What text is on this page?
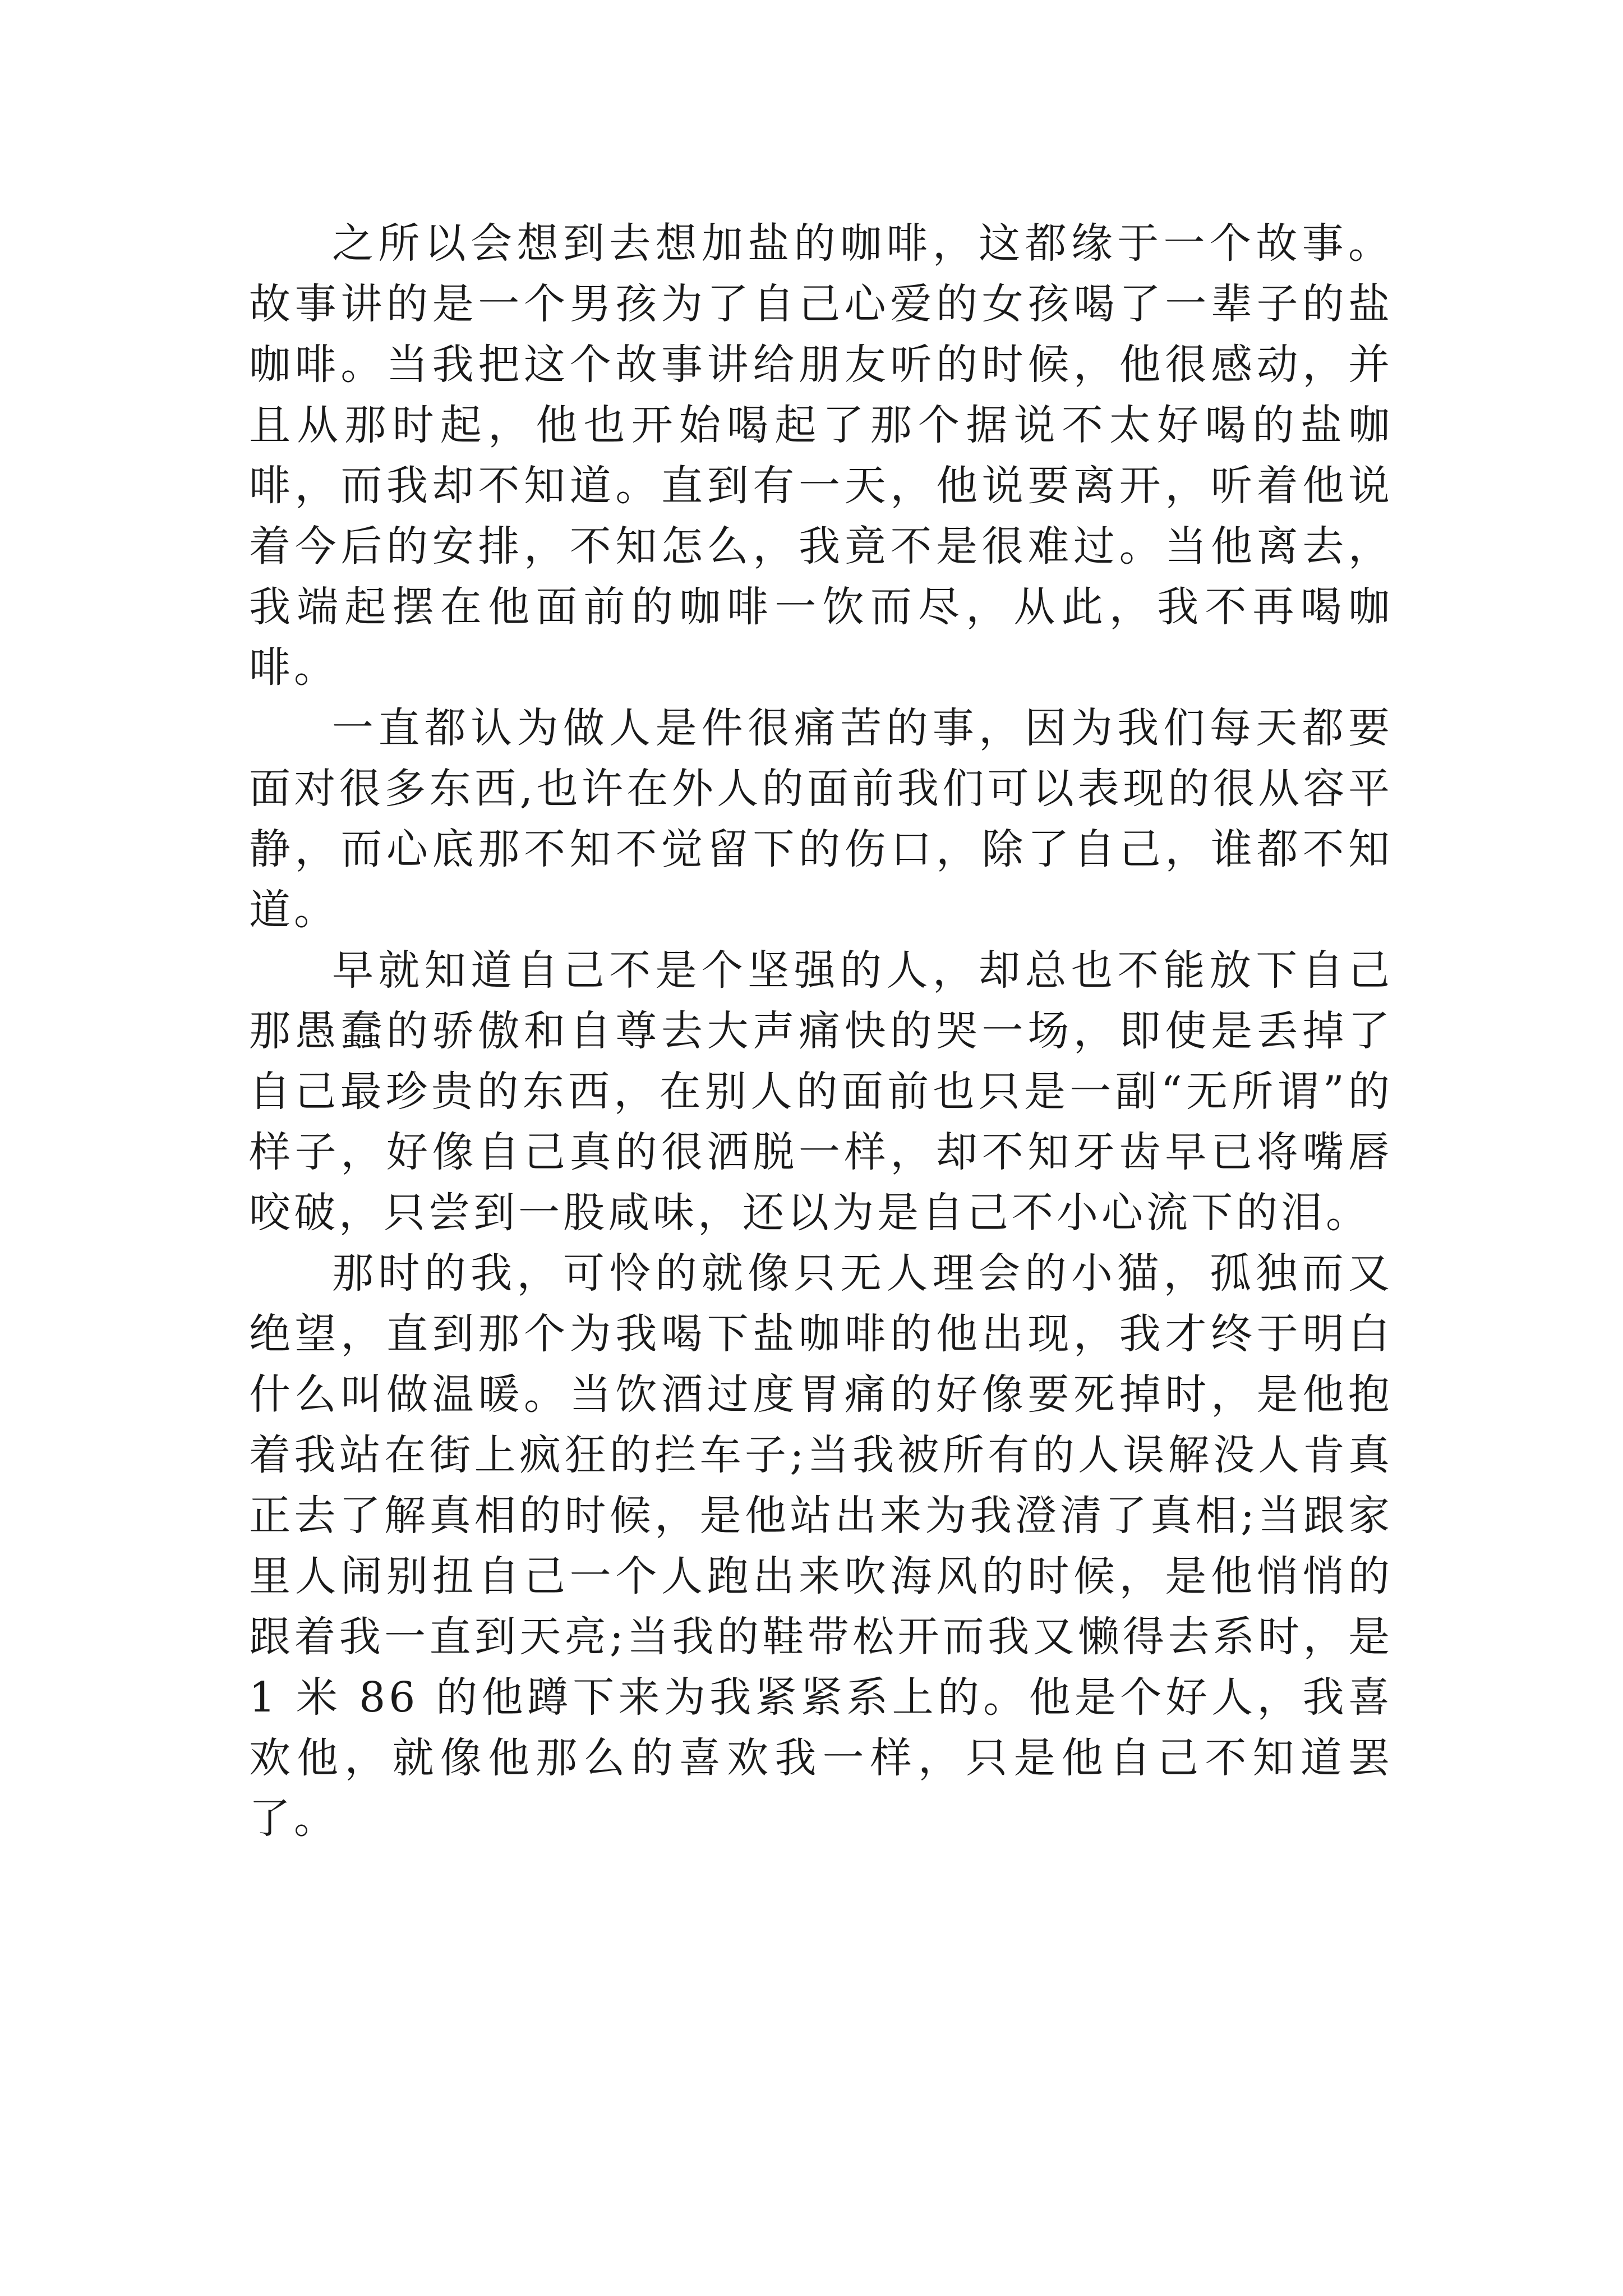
之所以会想到去想加盐的咖啡，这都缘于一个故事。故事讲的是一个男孩为了自己心爱的女孩喝了一辈子的盐咖啡。当我把这个故事讲给朋友听的时候，他很感动，并且从那时起，他也开始喝起了那个据说不太好喝的盐咖啡，而我却不知道。直到有一天，他说要离开，听着他说着今后的安排，不知怎么，我竟不是很难过。当他离去，我端起摆在他面前的咖啡一饮而尽，从此，我不再喝咖啡。

一直都认为做人是件很痛苦的事，因为我们每天都要面对很多东西,也许在外人的面前我们可以表现的很从容平静，而心底那不知不觉留下的伤口，除了自己，谁都不知道。

早就知道自己不是个坚强的人，却总也不能放下自己那愚蠢的骄傲和自尊去大声痛快的哭一场，即使是丢掉了自己最珍贵的东西，在别人的面前也只是一副“无所谓”的样子，好像自己真的很洒脱一样，却不知牙齿早已将嘴唇咬破，只尝到一股咸味，还以为是自己不小心流下的泪。

那时的我，可怜的就像只无人理会的小猫，孤独而又绝望，直到那个为我喝下盐咖啡的他出现，我才终于明白什么叫做温暖。当饮酒过度胃痛的好像要死掉时，是他抱着我站在街上疯狂的拦车子;当我被所有的人误解没人肯真正去了解真相的时候，是他站出来为我澄清了真相;当跟家里人闹别扭自己一个人跑出来吹海风的时候，是他悄悄的跟着我一直到天亮;当我的鞋带松开而我又懒得去系时，是 1 米 86 的他蹲下来为我紧紧系上的。他是个好人，我喜欢他，就像他那么的喜欢我一样，只是他自己不知道罢了。
